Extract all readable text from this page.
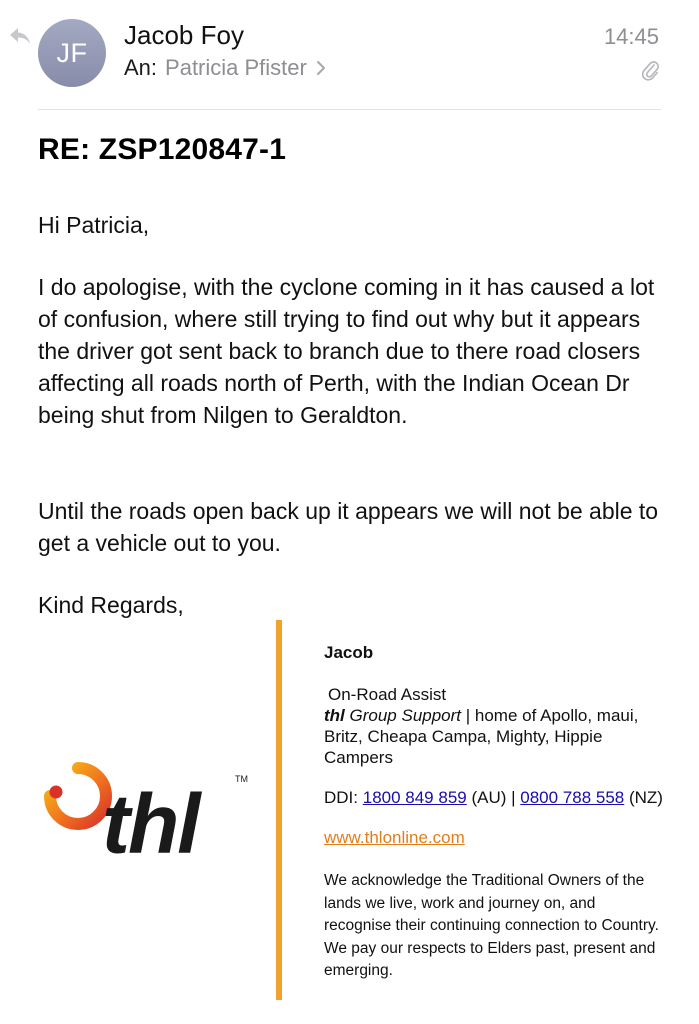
JF
Jacob Foy
An: Patricia Pfister
14:45
RE: ZSP120847-1
Hi Patricia,
I do apologise, with the cyclone coming in it has caused a lot of confusion, where still trying to find out why but it appears the driver got sent back to branch due to there road closers affecting all roads north of Perth, with the Indian Ocean Dr being shut from Nilgen to Geraldton.
Until the roads open back up it appears we will not be able to get a vehicle out to you.
Kind Regards,
thl	TM
Jacob
On-Road Assist
thl Group Support | home of Apollo, maui, Britz, Cheapa Campa, Mighty, Hippie Campers
DDI: 1800 849 859 (AU) | 0800 788 558 (NZ)
www.thlonline.com
We acknowledge the Traditional Owners of the lands we live, work and journey on, and recognise their continuing connection to Country. We pay our respects to Elders past, present and emerging.
